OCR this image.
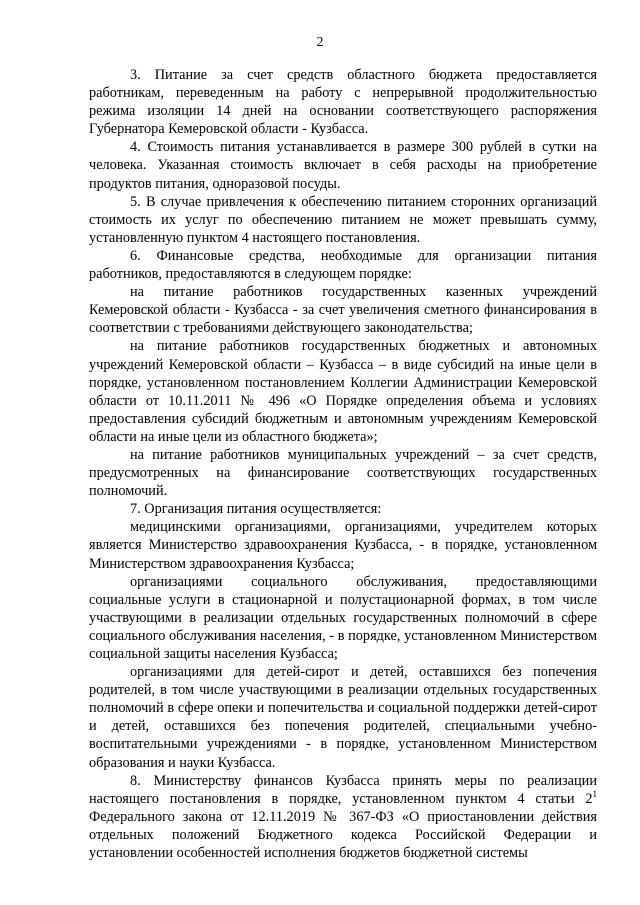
2

3. Питание за счет средств областного бюджета предоставляется работникам, переведенным на работу с непрерывной продолжительностью режима изоляции 14 дней на основании соответствующего распоряжения Губернатора Кемеровской области - Кузбасса.

4. Стоимость питания устанавливается в размере 300 рублей в сутки на человека. Указанная стоимость включает в себя расходы на приобретение продуктов питания, одноразовой посуды.

5. В случае привлечения к обеспечению питанием сторонних организаций стоимость их услуг по обеспечению питанием не может превышать сумму, установленную пунктом 4 настоящего постановления.

6. Финансовые средства, необходимые для организации питания работников, предоставляются в следующем порядке:

на питание работников государственных казенных учреждений Кемеровской области - Кузбасса - за счет увеличения сметного финансирования в соответствии с требованиями действующего законодательства;

на питание работников государственных бюджетных и автономных учреждений Кемеровской области – Кузбасса – в виде субсидий на иные цели в порядке, установленном постановлением Коллегии Администрации Кемеровской области от 10.11.2011 № 496 «О Порядке определения объема и условиях предоставления субсидий бюджетным и автономным учреждениям Кемеровской области на иные цели из областного бюджета»;

на питание работников муниципальных учреждений – за счет средств, предусмотренных на финансирование соответствующих государственных полномочий.

7. Организация питания осуществляется:

медицинскими организациями, организациями, учредителем которых является Министерство здравоохранения Кузбасса, - в порядке, установленном Министерством здравоохранения Кузбасса;

организациями социального обслуживания, предоставляющими социальные услуги в стационарной и полустационарной формах, в том числе участвующими в реализации отдельных государственных полномочий в сфере социального обслуживания населения, - в порядке, установленном Министерством социальной защиты населения Кузбасса;

организациями для детей-сирот и детей, оставшихся без попечения родителей, в том числе участвующими в реализации отдельных государственных полномочий в сфере опеки и попечительства и социальной поддержки детей-сирот и детей, оставшихся без попечения родителей, специальными учебно-воспитательными учреждениями - в порядке, установленном Министерством образования и науки Кузбасса.

8. Министерству финансов Кузбасса принять меры по реализации настоящего постановления в порядке, установленном пунктом 4 статьи $2^1$ Федерального закона от 12.11.2019 № 367-ФЗ «О приостановлении действия отдельных положений Бюджетного кодекса Российской Федерации и установлении особенностей исполнения бюджетов бюджетной системы
